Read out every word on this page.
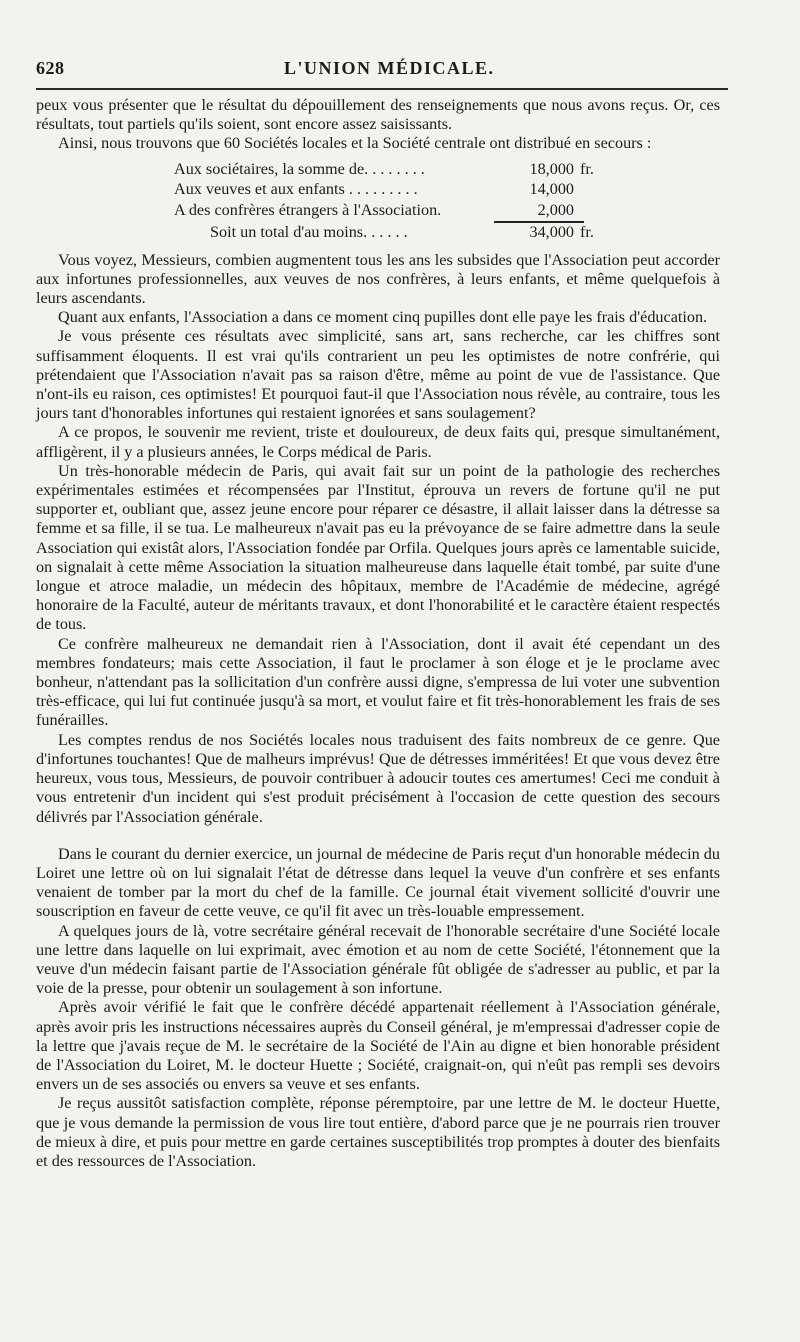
628	L'UNION MÉDICALE.

peux vous présenter que le résultat du dépouillement des renseignements que nous avons reçus. Or, ces résultats, tout partiels qu'ils soient, sont encore assez saisissants.

Ainsi, nous trouvons que 60 Sociétés locales et la Société centrale ont distribué en secours :

Aux sociétaires, la somme de. . . . . . . .	18,000 fr.
Aux veuves et aux enfants . . . . . . . . .	14,000
A des confrères étrangers à l'Association.	2,000
Soit un total d'au moins. . . . . .	34,000 fr.

Vous voyez, Messieurs, combien augmentent tous les ans les subsides que l'Association peut accorder aux infortunes professionnelles, aux veuves de nos confrères, à leurs enfants, et même quelquefois à leurs ascendants.

Quant aux enfants, l'Association a dans ce moment cinq pupilles dont elle paye les frais d'éducation.

Je vous présente ces résultats avec simplicité, sans art, sans recherche, car les chiffres sont suffisamment éloquents. Il est vrai qu'ils contrarient un peu les optimistes de notre confrérie, qui prétendaient que l'Association n'avait pas sa raison d'être, même au point de vue de l'assistance. Que n'ont-ils eu raison, ces optimistes! Et pourquoi faut-il que l'Association nous révèle, au contraire, tous les jours tant d'honorables infortunes qui restaient ignorées et sans soulagement?

A ce propos, le souvenir me revient, triste et douloureux, de deux faits qui, presque simultanément, affligèrent, il y a plusieurs années, le Corps médical de Paris.

Un très-honorable médecin de Paris, qui avait fait sur un point de la pathologie des recherches expérimentales estimées et récompensées par l'Institut, éprouva un revers de fortune qu'il ne put supporter et, oubliant que, assez jeune encore pour réparer ce désastre, il allait laisser dans la détresse sa femme et sa fille, il se tua. Le malheureux n'avait pas eu la prévoyance de se faire admettre dans la seule Association qui existât alors, l'Association fondée par Orfila. Quelques jours après ce lamentable suicide, on signalait à cette même Association la situation malheureuse dans laquelle était tombé, par suite d'une longue et atroce maladie, un médecin des hôpitaux, membre de l'Académie de médecine, agrégé honoraire de la Faculté, auteur de méritants travaux, et dont l'honorabilité et le caractère étaient respectés de tous.

Ce confrère malheureux ne demandait rien à l'Association, dont il avait été cependant un des membres fondateurs; mais cette Association, il faut le proclamer à son éloge et je le proclame avec bonheur, n'attendant pas la sollicitation d'un confrère aussi digne, s'empressa de lui voter une subvention très-efficace, qui lui fut continuée jusqu'à sa mort, et voulut faire et fit très-honorablement les frais de ses funérailles.

Les comptes rendus de nos Sociétés locales nous traduisent des faits nombreux de ce genre. Que d'infortunes touchantes! Que de malheurs imprévus! Que de détresses imméritées! Et que vous devez être heureux, vous tous, Messieurs, de pouvoir contribuer à adoucir toutes ces amertumes! Ceci me conduit à vous entretenir d'un incident qui s'est produit précisément à l'occasion de cette question des secours délivrés par l'Association générale.

Dans le courant du dernier exercice, un journal de médecine de Paris reçut d'un honorable médecin du Loiret une lettre où on lui signalait l'état de détresse dans lequel la veuve d'un confrère et ses enfants venaient de tomber par la mort du chef de la famille. Ce journal était vivement sollicité d'ouvrir une souscription en faveur de cette veuve, ce qu'il fit avec un très-louable empressement.

A quelques jours de là, votre secrétaire général recevait de l'honorable secrétaire d'une Société locale une lettre dans laquelle on lui exprimait, avec émotion et au nom de cette Société, l'étonnement que la veuve d'un médecin faisant partie de l'Association générale fût obligée de s'adresser au public, et par la voie de la presse, pour obtenir un soulagement à son infortune.

Après avoir vérifié le fait que le confrère décédé appartenait réellement à l'Association générale, après avoir pris les instructions nécessaires auprès du Conseil général, je m'empressai d'adresser copie de la lettre que j'avais reçue de M. le secrétaire de la Société de l'Ain au digne et bien honorable président de l'Association du Loiret, M. le docteur Huette ; Société, craignait-on, qui n'eût pas rempli ses devoirs envers un de ses associés ou envers sa veuve et ses enfants.

Je reçus aussitôt satisfaction complète, réponse péremptoire, par une lettre de M. le docteur Huette, que je vous demande la permission de vous lire tout entière, d'abord parce que je ne pourrais rien trouver de mieux à dire, et puis pour mettre en garde certaines susceptibilités trop promptes à douter des bienfaits et des ressources de l'Association.
